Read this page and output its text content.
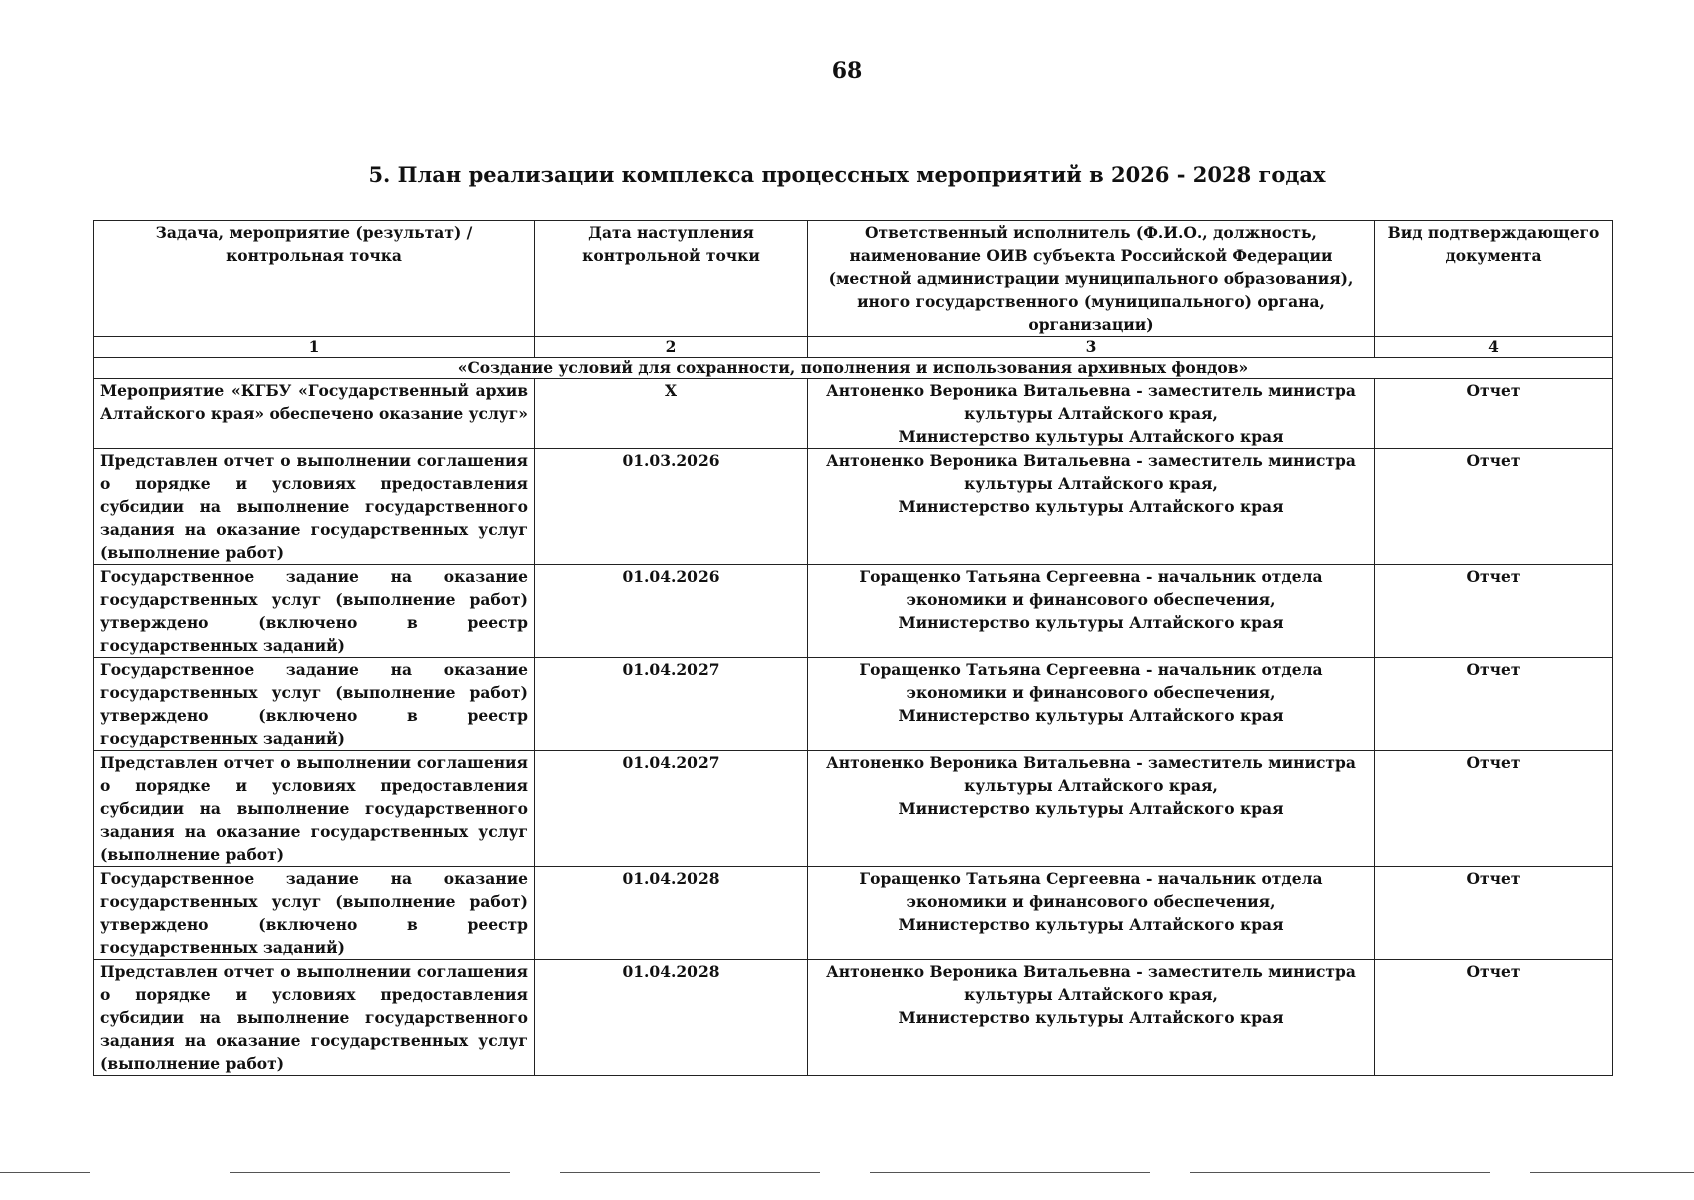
68
5. План реализации комплекса процессных мероприятий в 2026 - 2028 годах
Задача, мероприятие (результат) / контрольная точка	Дата наступления контрольной точки	Ответственный исполнитель (Ф.И.О., должность, наименование ОИВ субъекта Российской Федерации (местной администрации муниципального образования), иного государственного (муниципального) органа, организации)	Вид подтверждающего документа
1	2	3	4
«Создание условий для сохранности, пополнения и использования архивных фондов»			
Мероприятие «КГБУ «Государственный архив Алтайского края» обеспечено оказание услуг»	X	Антоненко Вероника Витальевна - заместитель министра
культуры Алтайского края,
Министерство культуры Алтайского края	Отчет
Представлен отчет о выполнении соглашения о порядке и условиях предоставления субсидии на выполнение государственного задания на оказание государственных услуг (выполнение работ)	01.03.2026	Антоненко Вероника Витальевна - заместитель министра
культуры Алтайского края,
Министерство культуры Алтайского края	Отчет
Государственное задание на оказание государственных услуг (выполнение работ) утверждено (включено в реестр государственных заданий)	01.04.2026	Горащенко Татьяна Сергеевна - начальник отдела экономики и финансового обеспечения,
Министерство культуры Алтайского края	Отчет
Государственное задание на оказание государственных услуг (выполнение работ) утверждено (включено в реестр государственных заданий)	01.04.2027	Горащенко Татьяна Сергеевна - начальник отдела экономики и финансового обеспечения,
Министерство культуры Алтайского края	Отчет
Представлен отчет о выполнении соглашения о порядке и условиях предоставления субсидии на выполнение государственного задания на оказание государственных услуг (выполнение работ)	01.04.2027	Антоненко Вероника Витальевна - заместитель министра
культуры Алтайского края,
Министерство культуры Алтайского края	Отчет
Государственное задание на оказание государственных услуг (выполнение работ) утверждено (включено в реестр государственных заданий)	01.04.2028	Горащенко Татьяна Сергеевна - начальник отдела экономики и финансового обеспечения,
Министерство культуры Алтайского края	Отчет
Представлен отчет о выполнении соглашения о порядке и условиях предоставления субсидии на выполнение государственного задания на оказание государственных услуг (выполнение работ)	01.04.2028	Антоненко Вероника Витальевна - заместитель министра
культуры Алтайского края,
Министерство культуры Алтайского края	Отчет
